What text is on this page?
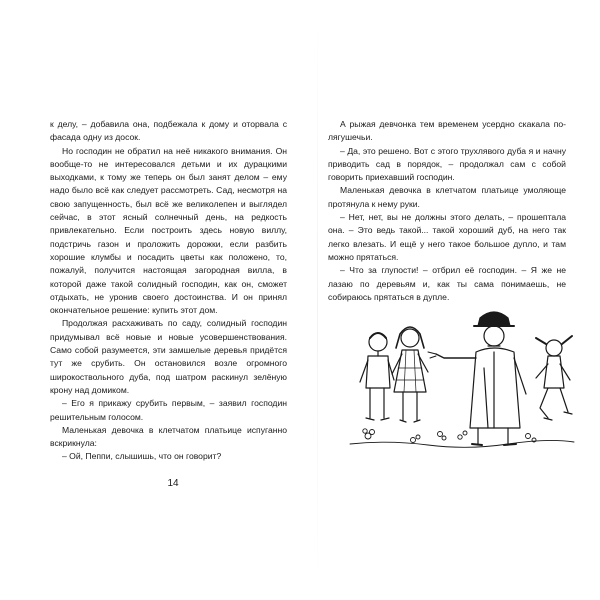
к делу, – добавила она, подбежала к дому и оторвала с фасада одну из досок.

Но господин не обратил на неё никакого внимания. Он вообще-то не интересовался детьми и их дурацкими выходками, к тому же теперь он был занят делом – ему надо было всё как следует рассмотреть. Сад, несмотря на свою запущенность, был всё же великолепен и выглядел сейчас, в этот ясный солнечный день, на редкость привлекательно. Если построить здесь новую виллу, подстричь газон и проложить дорожки, если разбить хорошие клумбы и посадить цветы как положено, то, пожалуй, получится настоящая загородная вилла, в которой даже такой солидный господин, как он, сможет отдыхать, не уронив своего достоинства. И он принял окончательное решение: купить этот дом.

Продолжая расхаживать по саду, солидный господин придумывал всё новые и новые усовершенствования. Само собой разумеется, эти замшелые деревья придётся тут же срубить. Он остановился возле огромного широкоствольного дуба, под шатром раскинул зелёную крону над домиком.

– Его я прикажу срубить первым, – заявил господин решительным голосом.

Маленькая девочка в клетчатом платьице испуганно вскрикнула:

– Ой, Пеппи, слышишь, что он говорит?

14

А рыжая девчонка тем временем усердно скакала по-лягушечьи.

– Да, это решено. Вот с этого трухлявого дуба я и начну приводить сад в порядок, – продолжал сам с собой говорить приехавший господин.

Маленькая девочка в клетчатом платьице умоляюще протянула к нему руки.

– Нет, нет, вы не должны этого делать, – прошептала она. – Это ведь такой... такой хороший дуб, на него так легко влезать. И ещё у него такое большое дупло, и там можно прятаться.

– Что за глупости! – отбрил её господин. – Я же не лазаю по деревьям и, как ты сама понимаешь, не собираюсь прятаться в дупле.
